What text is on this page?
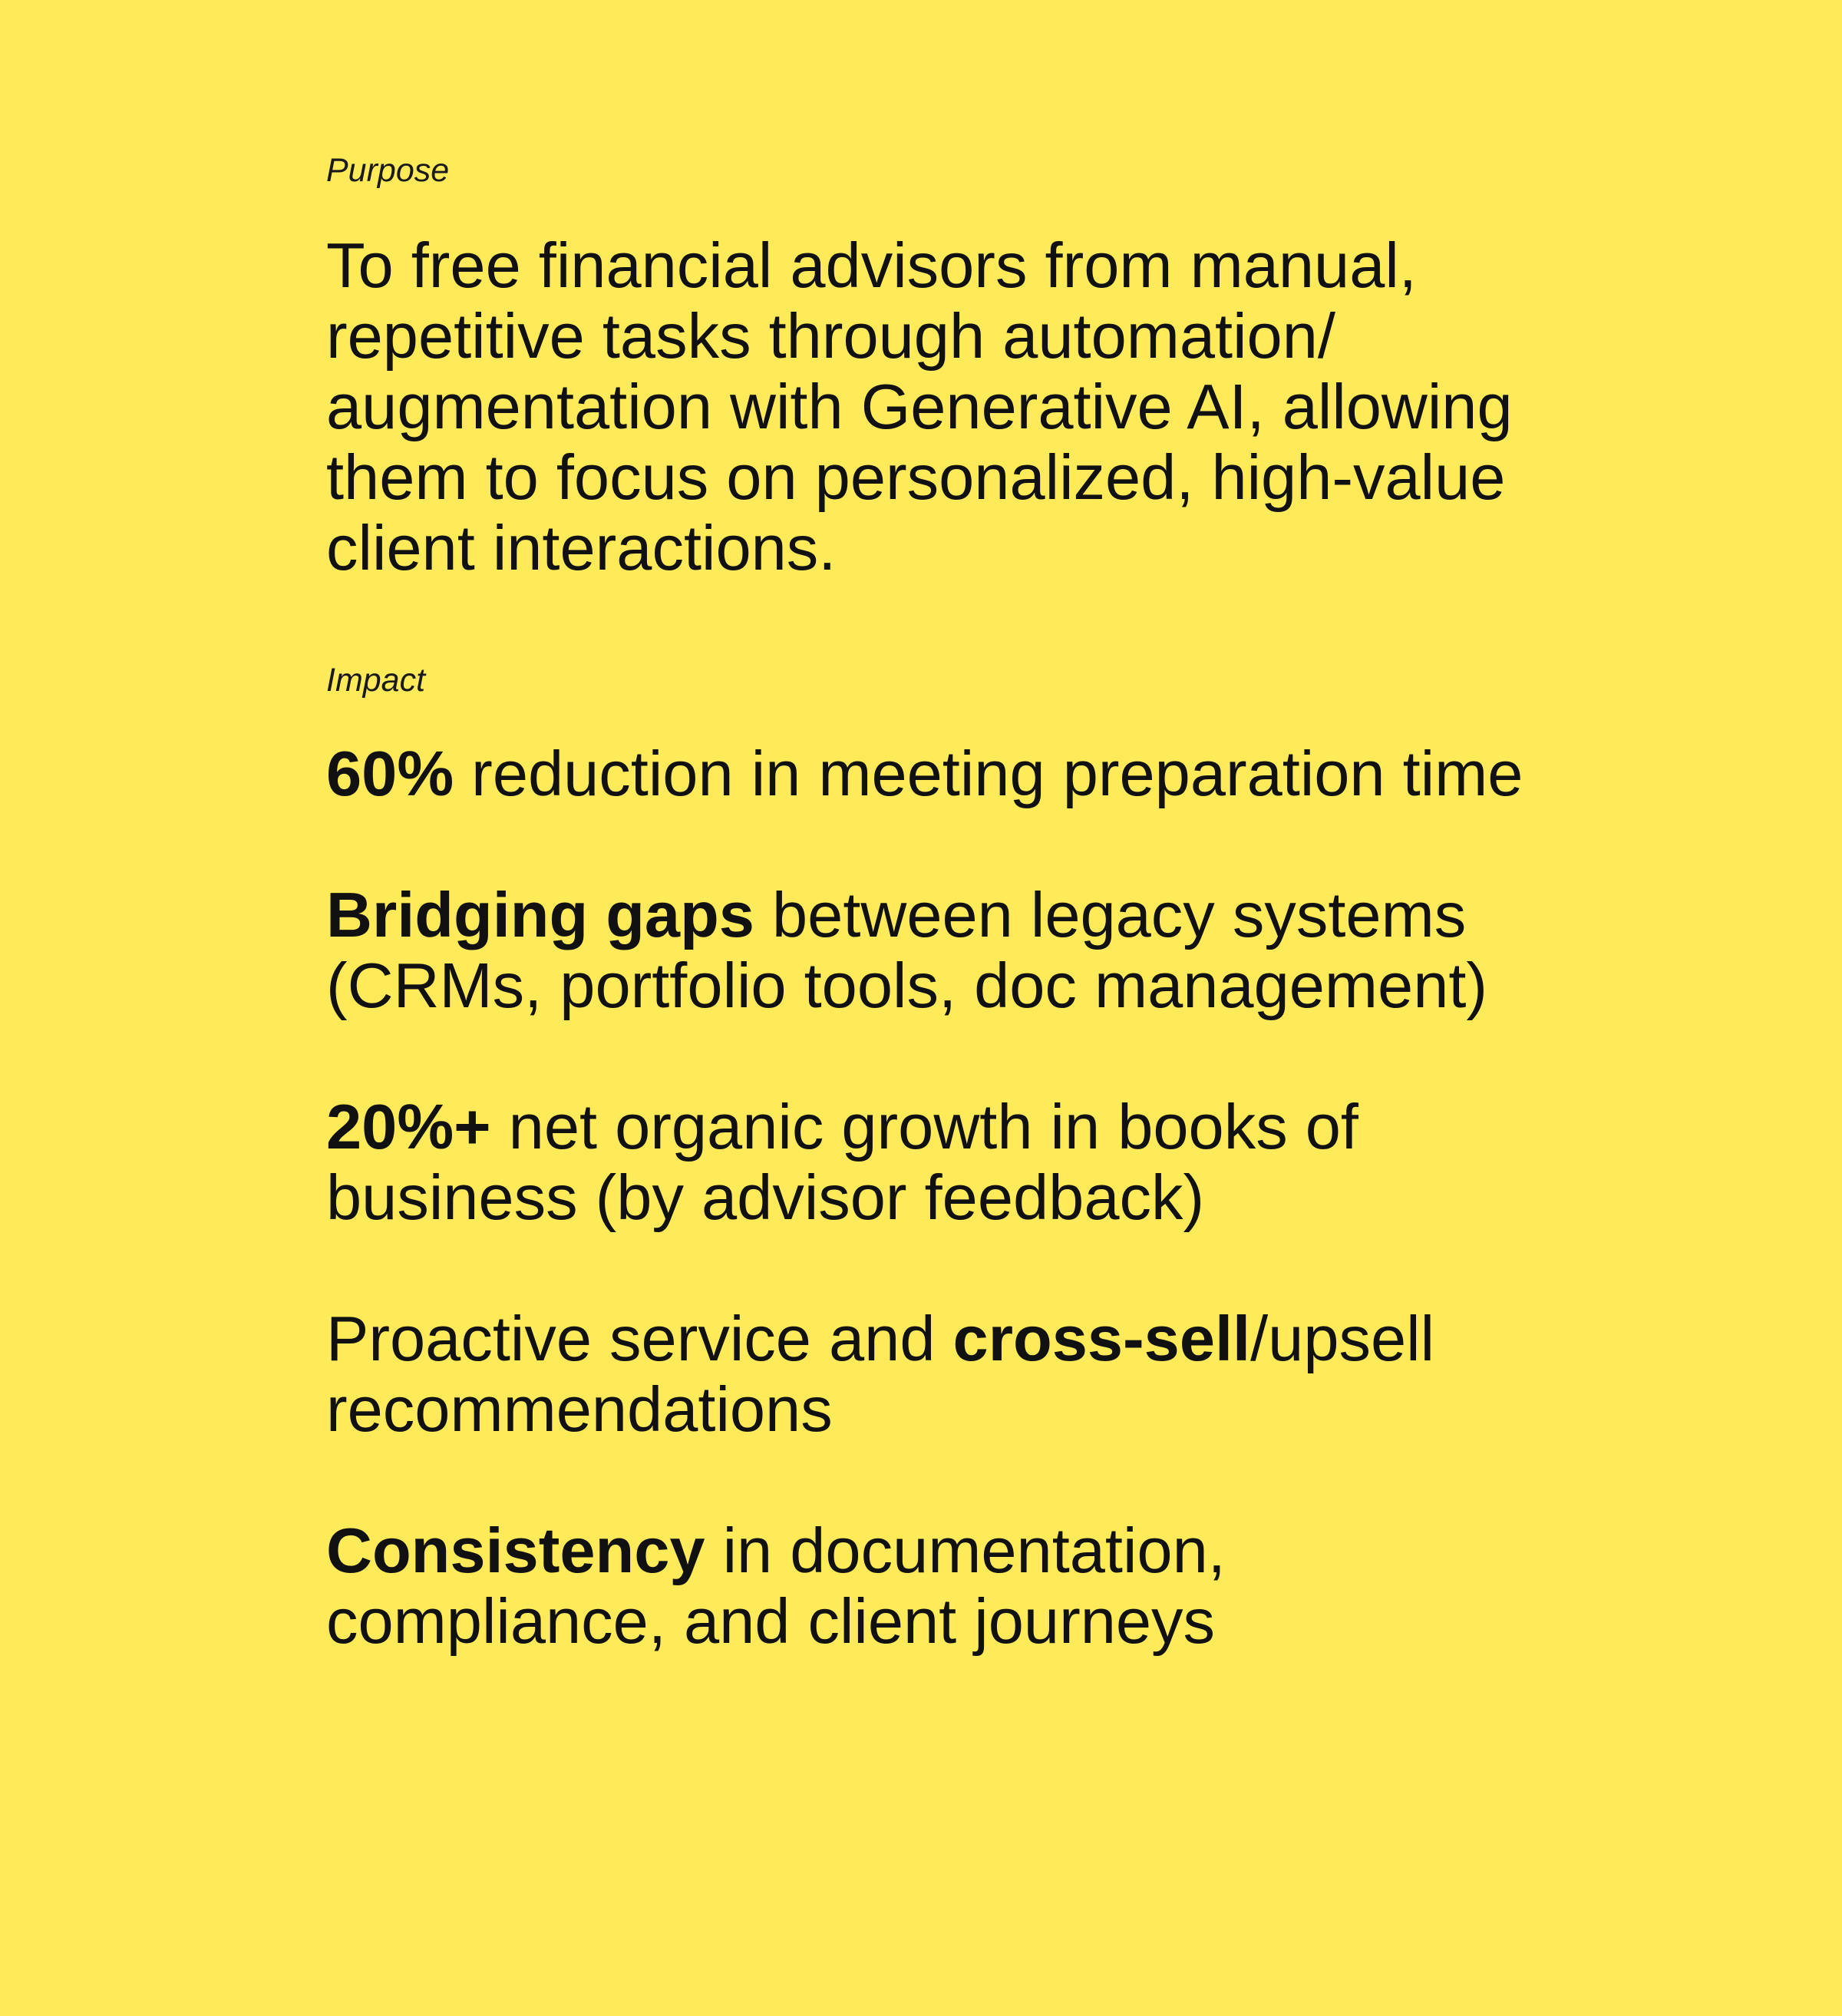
Purpose

To free financial advisors from manual, repetitive tasks through automation/ augmentation with Generative AI, allowing them to focus on personalized, high-value client interactions.

Impact

60% reduction in meeting preparation time
Bridging gaps between legacy systems (CRMs, portfolio tools, doc management)
20%+ net organic growth in books of business (by advisor feedback)
Proactive service and cross-sell/upsell recommendations
Consistency in documentation, compliance, and client journeys
